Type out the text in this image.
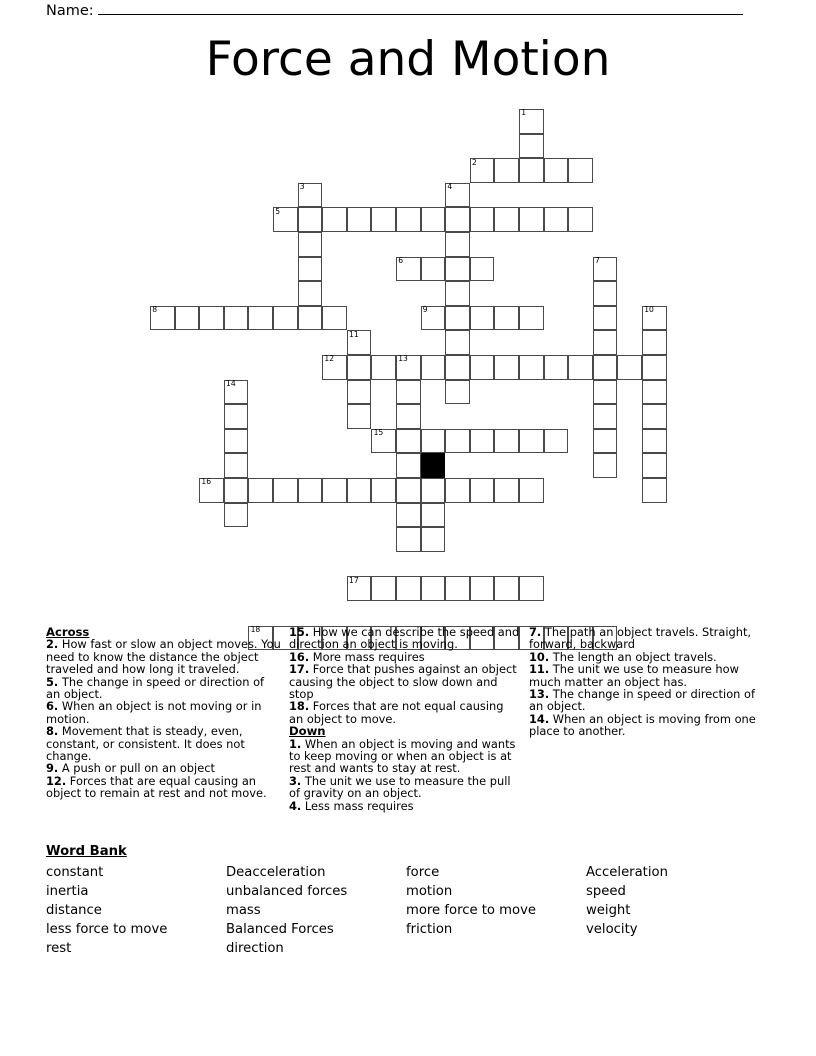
Name:
Force and Motion
1
2
3	4
5
6	7
8	9	10
11
12	13
14
15
16
17
18
Across
2. How fast or slow an object moves. You need to know the distance the object traveled and how long it traveled.
5. The change in speed or direction of an object.
6. When an object is not moving or in motion.
8. Movement that is steady, even, constant, or consistent. It does not change.
9. A push or pull on an object
12. Forces that are equal causing an object to remain at rest and not move.
15. How we can describe the speed and direction an object is moving.
16. More mass requires
17. Force that pushes against an object causing the object to slow down and stop
18. Forces that are not equal causing an object to move.
Down
1. When an object is moving and wants to keep moving or when an object is at rest and wants to stay at rest.
3. The unit we use to measure the pull of gravity on an object.
4. Less mass requires
7. The path an object travels. Straight, forward, backward
10. The length an object travels.
11. The unit we use to measure how much matter an object has.
13. The change in speed or direction of an object.
14. When an object is moving from one place to another.
Word Bank
constant	Deacceleration	force	Acceleration
inertia	unbalanced forces	motion	speed
distance	mass	more force to move	weight
less force to move	Balanced Forces	friction	velocity
rest	direction
